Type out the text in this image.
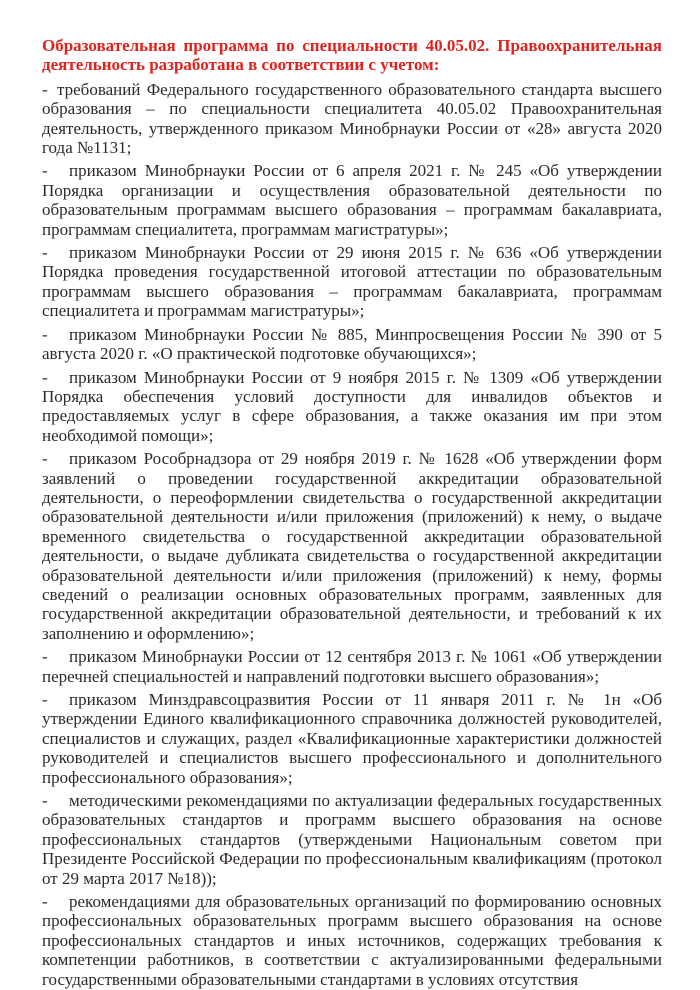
Образовательная программа по специальности 40.05.02. Правоохранительная деятельность разработана в соответствии с учетом:

- требований Федерального государственного образовательного стандарта высшего образования – по специальности специалитета 40.05.02 Правоохранительная деятельность, утвержденного приказом Минобрнауки России от «28» августа 2020 года №1131;

- приказом Минобрнауки России от 6 апреля 2021 г. № 245 «Об утверждении Порядка организации и осуществления образовательной деятельности по образовательным программам высшего образования – программам бакалавриата, программам специалитета, программам магистратуры»;

- приказом Минобрнауки России от 29 июня 2015 г. № 636 «Об утверждении Порядка проведения государственной итоговой аттестации по образовательным программам высшего образования – программам бакалавриата, программам специалитета и программам магистратуры»;

- приказом Минобрнауки России № 885, Минпросвещения России № 390 от 5 августа 2020 г. «О практической подготовке обучающихся»;

- приказом Минобрнауки России от 9 ноября 2015 г. № 1309 «Об утверждении Порядка обеспечения условий доступности для инвалидов объектов и предоставляемых услуг в сфере образования, а также оказания им при этом необходимой помощи»;

- приказом Рособрнадзора от 29 ноября 2019 г. № 1628 «Об утверждении форм заявлений о проведении государственной аккредитации образовательной деятельности, о переоформлении свидетельства о государственной аккредитации образовательной деятельности и/или приложения (приложений) к нему, о выдаче временного свидетельства о государственной аккредитации образовательной деятельности, о выдаче дубликата свидетельства о государственной аккредитации образовательной деятельности и/или приложения (приложений) к нему, формы сведений о реализации основных образовательных программ, заявленных для государственной аккредитации образовательной деятельности, и требований к их заполнению и оформлению»;

- приказом Минобрнауки России от 12 сентября 2013 г. № 1061 «Об утверждении перечней специальностей и направлений подготовки высшего образования»;

- приказом Минздравсоцразвития России от 11 января 2011 г. № 1н «Об утверждении Единого квалификационного справочника должностей руководителей, специалистов и служащих, раздел «Квалификационные характеристики должностей руководителей и специалистов высшего профессионального и дополнительного профессионального образования»;

- методическими рекомендациями по актуализации федеральных государственных образовательных стандартов и программ высшего образования на основе профессиональных стандартов (утверждеными Национальным советом при Президенте Российской Федерации по профессиональным квалификациям (протокол от 29 марта 2017 №18));

- рекомендациями для образовательных организаций по формированию основных профессиональных образовательных программ высшего образования на основе профессиональных стандартов и иных источников, содержащих требования к компетенции работников, в соответствии с актуализированными федеральными государственными образовательными стандартами в условиях отсутствия
